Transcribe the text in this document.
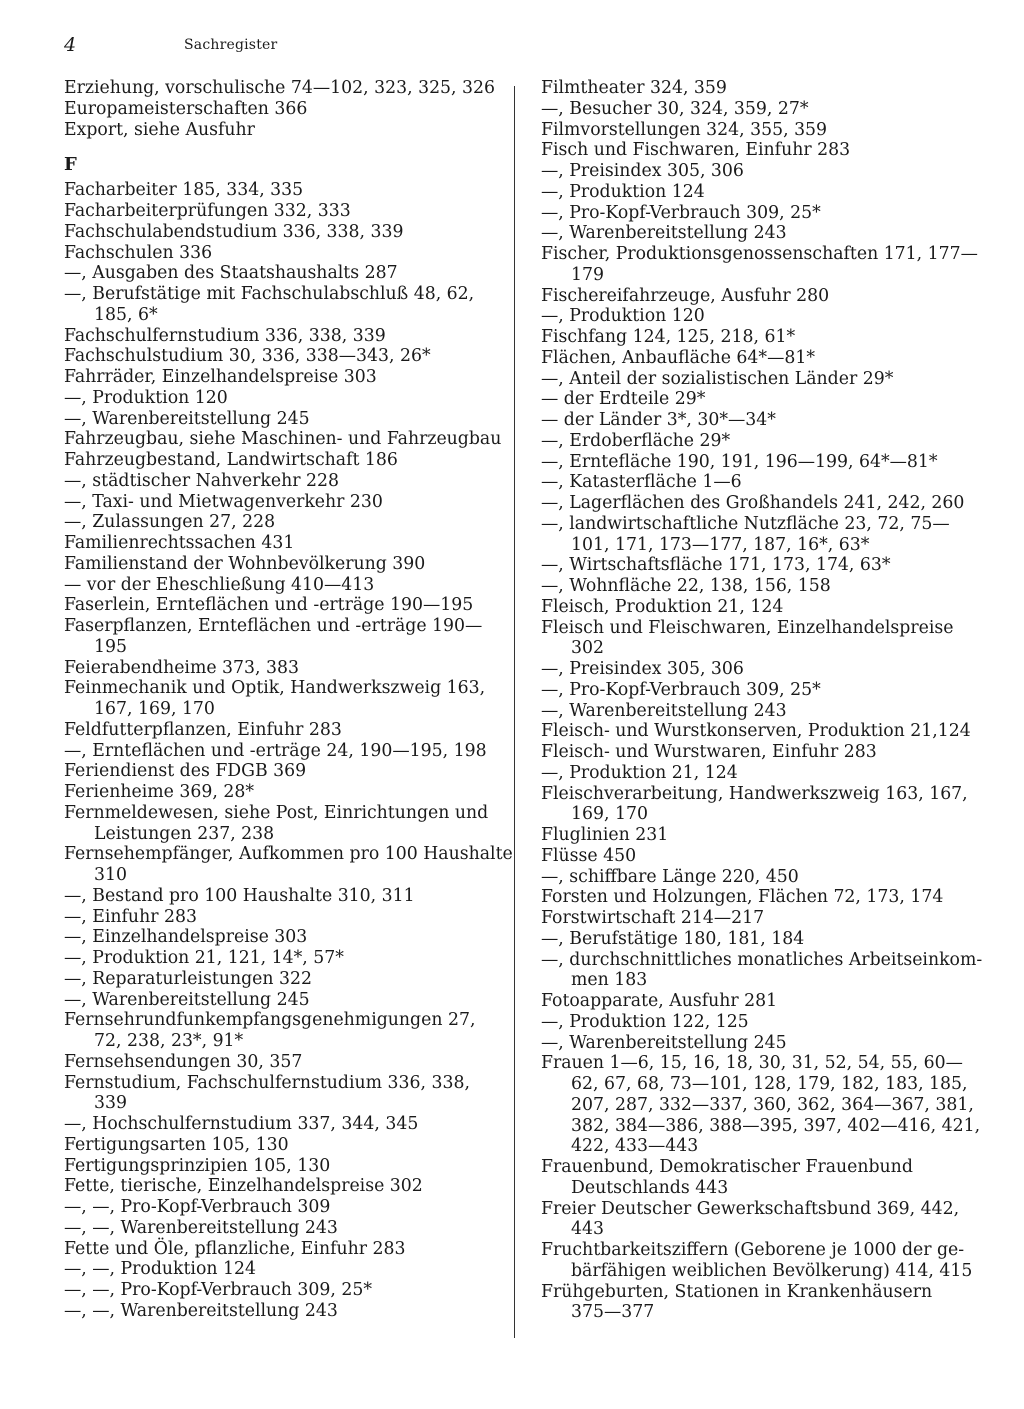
4	Sachregister
Erziehung, vorschulische 74—102, 323, 325, 326
Europameisterschaften 366
Export, siehe Ausfuhr
F
Facharbeiter 185, 334, 335
Facharbeiterprüfungen 332, 333
Fachschulabendstudium 336, 338, 339
Fachschulen 336
—, Ausgaben des Staatshaushalts 287
—, Berufstätige mit Fachschulabschluß 48, 62,
185, 6*
Fachschulfernstudium 336, 338, 339
Fachschulstudium 30, 336, 338—343, 26*
Fahrräder, Einzelhandelspreise 303
—, Produktion 120
—, Warenbereitstellung 245
Fahrzeugbau, siehe Maschinen- und Fahrzeugbau
Fahrzeugbestand, Landwirtschaft 186
—, städtischer Nahverkehr 228
—, Taxi- und Mietwagenverkehr 230
—, Zulassungen 27, 228
Familienrechtssachen 431
Familienstand der Wohnbevölkerung 390
— vor der Eheschließung 410—413
Faserlein, Ernteflächen und -erträge 190—195
Faserpflanzen, Ernteflächen und -erträge 190—
195
Feierabendheime 373, 383
Feinmechanik und Optik, Handwerkszweig 163,
167, 169, 170
Feldfutterpflanzen, Einfuhr 283
—, Ernteflächen und -erträge 24, 190—195, 198
Feriendienst des FDGB 369
Ferienheime 369, 28*
Fernmeldewesen, siehe Post, Einrichtungen und
Leistungen 237, 238
Fernsehempfänger, Aufkommen pro 100 Haushalte
310
—, Bestand pro 100 Haushalte 310, 311
—, Einfuhr 283
—, Einzelhandelspreise 303
—, Produktion 21, 121, 14*, 57*
—, Reparaturleistungen 322
—, Warenbereitstellung 245
Fernsehrundfunkempfangsgenehmigungen 27,
72, 238, 23*, 91*
Fernsehsendungen 30, 357
Fernstudium, Fachschulfernstudium 336, 338,
339
—, Hochschulfernstudium 337, 344, 345
Fertigungsarten 105, 130
Fertigungsprinzipien 105, 130
Fette, tierische, Einzelhandelspreise 302
—, —, Pro-Kopf-Verbrauch 309
—, —, Warenbereitstellung 243
Fette und Öle, pflanzliche, Einfuhr 283
—, —, Produktion 124
—, —, Pro-Kopf-Verbrauch 309, 25*
—, —, Warenbereitstellung 243
Filmtheater 324, 359
—, Besucher 30, 324, 359, 27*
Filmvorstellungen 324, 355, 359
Fisch und Fischwaren, Einfuhr 283
—, Preisindex 305, 306
—, Produktion 124
—, Pro-Kopf-Verbrauch 309, 25*
—, Warenbereitstellung 243
Fischer, Produktionsgenossenschaften 171, 177—
179
Fischereifahrzeuge, Ausfuhr 280
—, Produktion 120
Fischfang 124, 125, 218, 61*
Flächen, Anbaufläche 64*—81*
—, Anteil der sozialistischen Länder 29*
— der Erdteile 29*
— der Länder 3*, 30*—34*
—, Erdoberfläche 29*
—, Erntefläche 190, 191, 196—199, 64*—81*
—, Katasterfläche 1—6
—, Lagerflächen des Großhandels 241, 242, 260
—, landwirtschaftliche Nutzfläche 23, 72, 75—
101, 171, 173—177, 187, 16*, 63*
—, Wirtschaftsfläche 171, 173, 174, 63*
—, Wohnfläche 22, 138, 156, 158
Fleisch, Produktion 21, 124
Fleisch und Fleischwaren, Einzelhandelspreise
302
—, Preisindex 305, 306
—, Pro-Kopf-Verbrauch 309, 25*
—, Warenbereitstellung 243
Fleisch- und Wurstkonserven, Produktion 21,124
Fleisch- und Wurstwaren, Einfuhr 283
—, Produktion 21, 124
Fleischverarbeitung, Handwerkszweig 163, 167,
169, 170
Fluglinien 231
Flüsse 450
—, schiffbare Länge 220, 450
Forsten und Holzungen, Flächen 72, 173, 174
Forstwirtschaft 214—217
—, Berufstätige 180, 181, 184
—, durchschnittliches monatliches Arbeitseinkom-
men 183
Fotoapparate, Ausfuhr 281
—, Produktion 122, 125
—, Warenbereitstellung 245
Frauen 1—6, 15, 16, 18, 30, 31, 52, 54, 55, 60—
62, 67, 68, 73—101, 128, 179, 182, 183, 185,
207, 287, 332—337, 360, 362, 364—367, 381,
382, 384—386, 388—395, 397, 402—416, 421,
422, 433—443
Frauenbund, Demokratischer Frauenbund
Deutschlands 443
Freier Deutscher Gewerkschaftsbund 369, 442,
443
Fruchtbarkeitsziffern (Geborene je 1000 der ge-
bärfähigen weiblichen Bevölkerung) 414, 415
Frühgeburten, Stationen in Krankenhäusern
375—377
